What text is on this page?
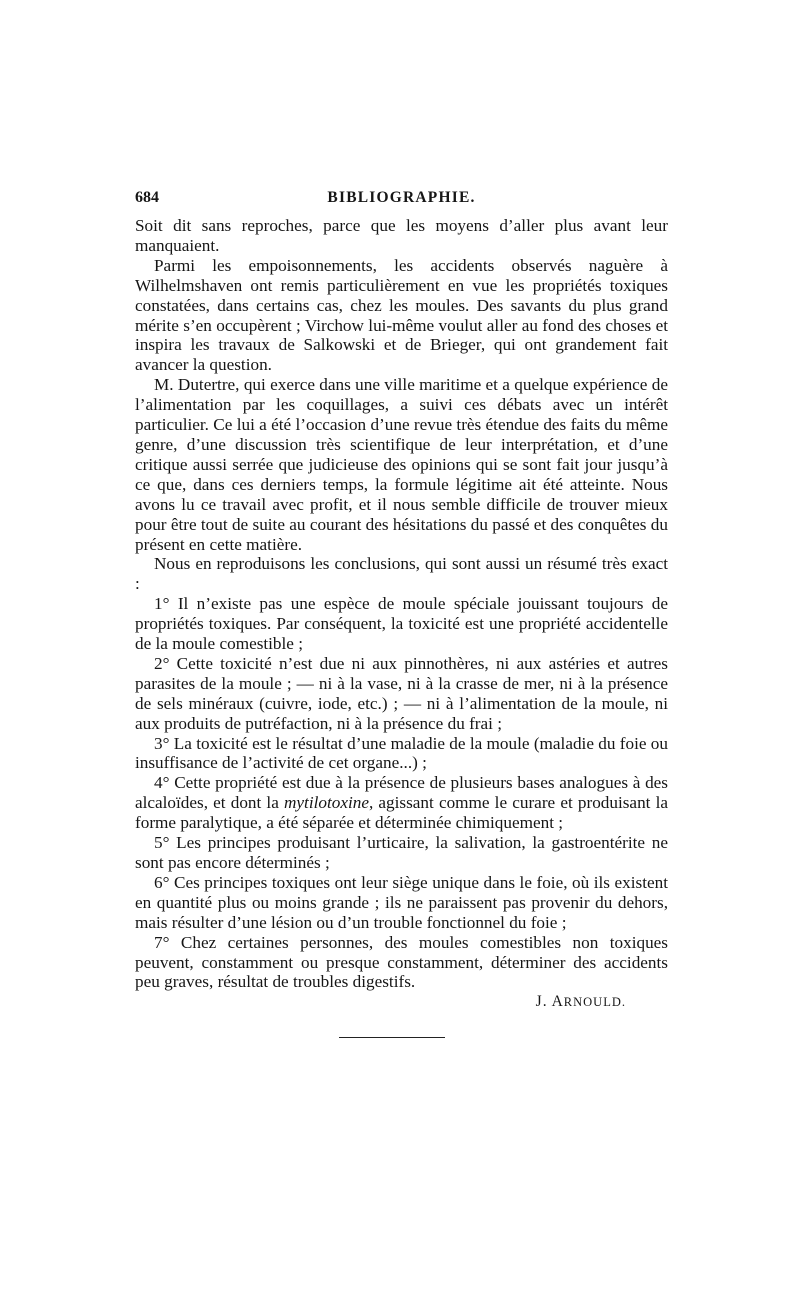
684	BIBLIOGRAPHIE.

Soit dit sans reproches, parce que les moyens d’aller plus avant leur manquaient.

Parmi les empoisonnements, les accidents observés naguère à Wilhelmshaven ont remis particulièrement en vue les propriétés toxiques constatées, dans certains cas, chez les moules. Des savants du plus grand mérite s’en occupèrent ; Virchow lui-même voulut aller au fond des choses et inspira les travaux de Salkowski et de Brieger, qui ont grandement fait avancer la question.

M. Dutertre, qui exerce dans une ville maritime et a quelque expérience de l’alimentation par les coquillages, a suivi ces débats avec un intérêt particulier. Ce lui a été l’occasion d’une revue très étendue des faits du même genre, d’une discussion très scientifique de leur interprétation, et d’une critique aussi serrée que judicieuse des opinions qui se sont fait jour jusqu’à ce que, dans ces derniers temps, la formule légitime ait été atteinte. Nous avons lu ce travail avec profit, et il nous semble difficile de trouver mieux pour être tout de suite au courant des hésitations du passé et des conquêtes du présent en cette matière.

Nous en reproduisons les conclusions, qui sont aussi un résumé très exact :

1° Il n’existe pas une espèce de moule spéciale jouissant toujours de propriétés toxiques. Par conséquent, la toxicité est une propriété accidentelle de la moule comestible ;

2° Cette toxicité n’est due ni aux pinnothères, ni aux astéries et autres parasites de la moule ; — ni à la vase, ni à la crasse de mer, ni à la présence de sels minéraux (cuivre, iode, etc.) ; — ni à l’alimentation de la moule, ni aux produits de putréfaction, ni à la présence du frai ;

3° La toxicité est le résultat d’une maladie de la moule (maladie du foie ou insuffisance de l’activité de cet organe...) ;

4° Cette propriété est due à la présence de plusieurs bases analogues à des alcaloïdes, et dont la mytilotoxine, agissant comme le curare et produisant la forme paralytique, a été séparée et déterminée chimiquement ;

5° Les principes produisant l’urticaire, la salivation, la gastroentérite ne sont pas encore déterminés ;

6° Ces principes toxiques ont leur siège unique dans le foie, où ils existent en quantité plus ou moins grande ; ils ne paraissent pas provenir du dehors, mais résulter d’une lésion ou d’un trouble fonctionnel du foie ;

7° Chez certaines personnes, des moules comestibles non toxiques peuvent, constamment ou presque constamment, déterminer des accidents peu graves, résultat de troubles digestifs.

J. ARNOULD.
